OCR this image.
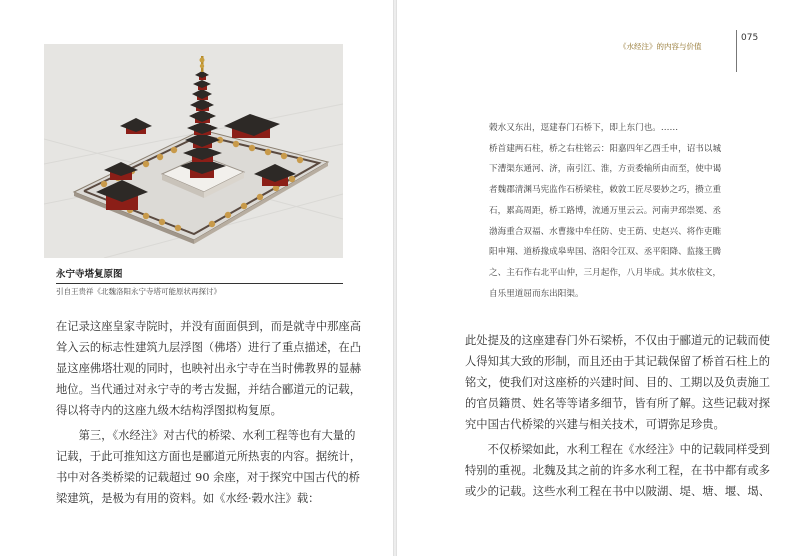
永宁寺塔复原图
引自王贵祥《北魏洛阳永宁寺塔可能原状再探讨》

在记录这座皇家寺院时，并没有面面俱到，而是就寺中那座高

耸入云的标志性建筑九层浮图（佛塔）进行了重点描述，在凸

显这座佛塔壮观的同时，也映衬出永宁寺在当时佛教界的显赫

地位。当代通过对永宁寺的考古发掘，并结合郦道元的记载，

得以将寺内的这座九级木结构浮图拟构复原。

　　第三，《水经注》对古代的桥梁、水利工程等也有大量的

记载，于此可推知这方面也是郦道元所热衷的内容。据统计，

书中对各类桥梁的记载超过 90 余座，对于探究中国古代的桥

梁建筑，是极为有用的资料。如《水经·榖水注》载：

《水经注》的内容与价值
075

榖水又东出，逕建春门石桥下，即上东门也。……

桥首建两石柱，桥之右柱铭云：阳嘉四年乙酉壬申，诏书以城

下漕渠东通河、济，南引江、淮，方贡委输所由而至，使中谒

者魏郡清渊马宪监作石桥梁柱，敕敦工匠尽要妙之巧，攒立重

石，累高周距，桥工路博，流通万里云云。河南尹邳崇冕、丞

渤海重合双福、水曹掾中牟任防、史王荫、史赵兴、将作吏睢

阳申翔、道桥掾成皋卑国、洛阳令江双、丞平阳降、监掾王腾

之、主石作右北平山仲，三月起作，八月毕成。其水依柱文，

自乐里道屈而东出阳渠。

此处提及的这座建春门外石梁桥，不仅由于郦道元的记载而使

人得知其大致的形制，而且还由于其记载保留了桥首石柱上的

铭文，使我们对这座桥的兴建时间、目的、工期以及负责施工

的官员籍贯、姓名等等诸多细节，皆有所了解。这些记载对探

究中国古代桥梁的兴建与相关技术，可谓弥足珍贵。

　　不仅桥梁如此，水利工程在《水经注》中的记载同样受到

特别的重视。北魏及其之前的许多水利工程，在书中都有或多

或少的记载。这些水利工程在书中以陂湖、堤、塘、堰、堨、
